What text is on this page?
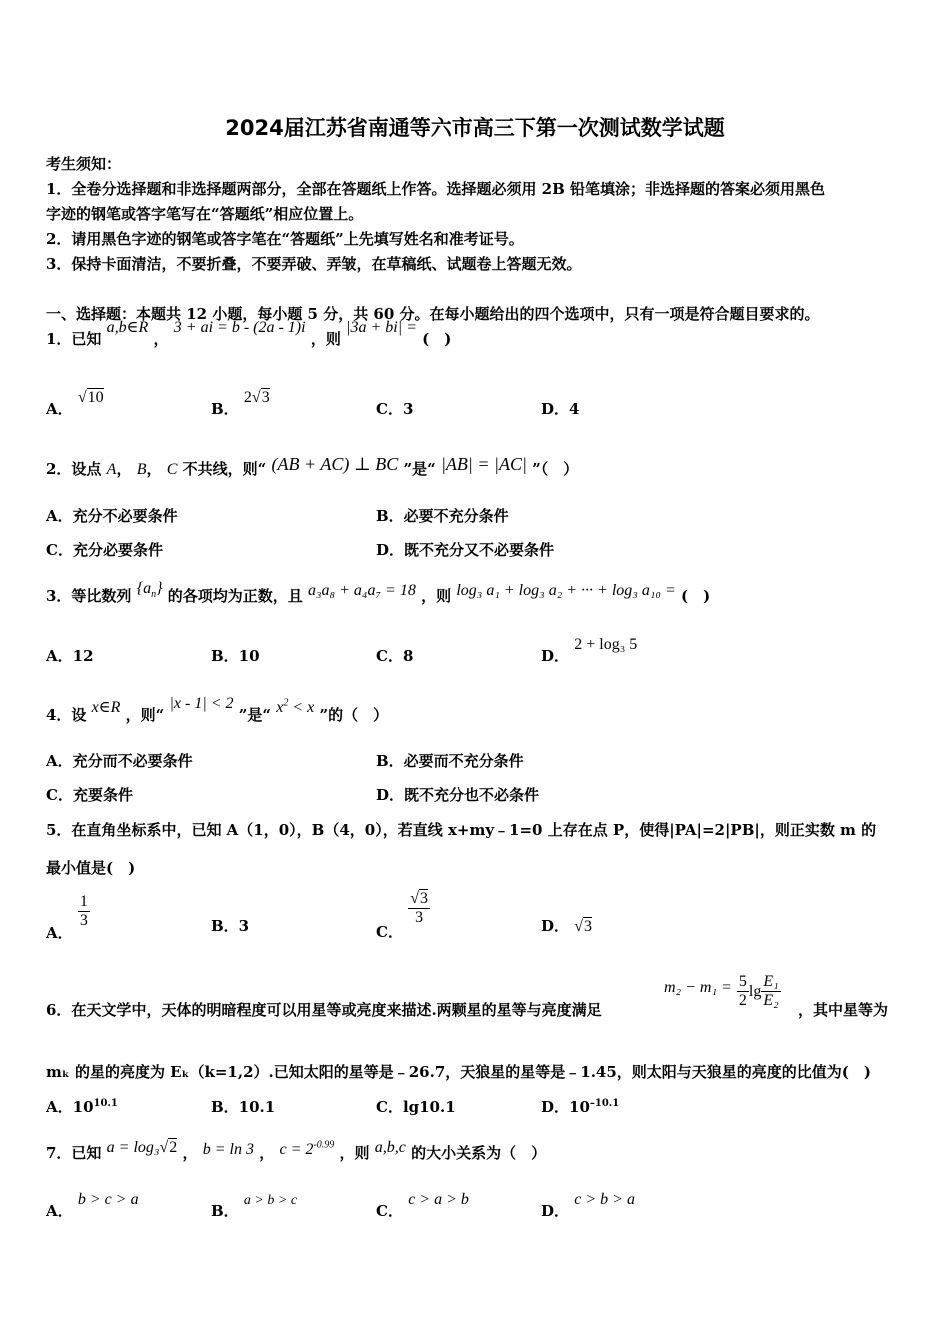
2024届江苏省南通等六市高三下第一次测试数学试题
考生须知：
1．全卷分选择题和非选择题两部分，全部在答题纸上作答。选择题必须用 2B 铅笔填涂；非选择题的答案必须用黑色
字迹的钢笔或答字笔写在“答题纸”相应位置上。
2．请用黑色字迹的钢笔或答字笔在“答题纸”上先填写姓名和准考证号。
3．保持卡面清洁，不要折叠，不要弄破、弄皱，在草稿纸、试题卷上答题无效。
一、选择题：本题共 12 小题，每小题 5 分，共 60 分。在每小题给出的四个选项中，只有一项是符合题目要求的。
1．已知 a,b∈R ， 3 + ai = b - (2a - 1)i ，则 |3a + bi| = (　)
A． √10
B． 2√3
C．3	D．4
2．设点 A， B， C 不共线，则“ (AB + AC) ⊥ BC ”是“ |AB| = |AC| ”（　）
A．充分不必要条件	B．必要不充分条件
C．充分必要条件	D．既不充分又不必要条件
3．等比数列 $\{a_n\}$ 的各项均为正数，且 a₃a₈ + a₄a₇ = 18 ，则 log₃ a₁ + log₃ a₂ + ··· + log₃ a₁₀ = (　)
A．12	B．10	C．8	D． 2 + log₃ 5
4．设 x∈R ，则“ |x - 1| < 2 ”是“ $x^2 < x$ ”的（　）
A．充分而不必要条件	B．必要而不充分条件
C．充要条件	D．既不充分也不必条件
5．在直角坐标系中，已知 A（1，0），B（4，0），若直线 x+my﹣1=0 上存在点 P，使得|PA|=2|PB|，则正实数 m 的
最小值是(　)
A．
$\frac{1}{3}$	B．3	C．
$\frac{√3}{3}$	D． √3
6．在天文学中，天体的明暗程度可以用星等或亮度来描述.两颗星的星等与亮度满足
$m_2 - m_1 = \frac{5}{2}$ $\lg \frac{\text{E₁}}{\text{E₂}}$ ，其中星等为
mₖ 的星的亮度为 Eₖ（k=1,2）.已知太阳的星等是﹣26.7，天狼星的星等是﹣1.45，则太阳与天狼星的亮度的比值为(　)
A．$10^{10.1}$	B．10.1	C．lg10.1	D．$10^{-10.1}$
7．已知 a = log₃√2 ， b = ln 3 ， $c = 2^{-0.99}$ ，则 a,b,c 的大小关系为（　）
A． b > c > a
B． a > b > c
C． c > a > b
D． c > b > a
